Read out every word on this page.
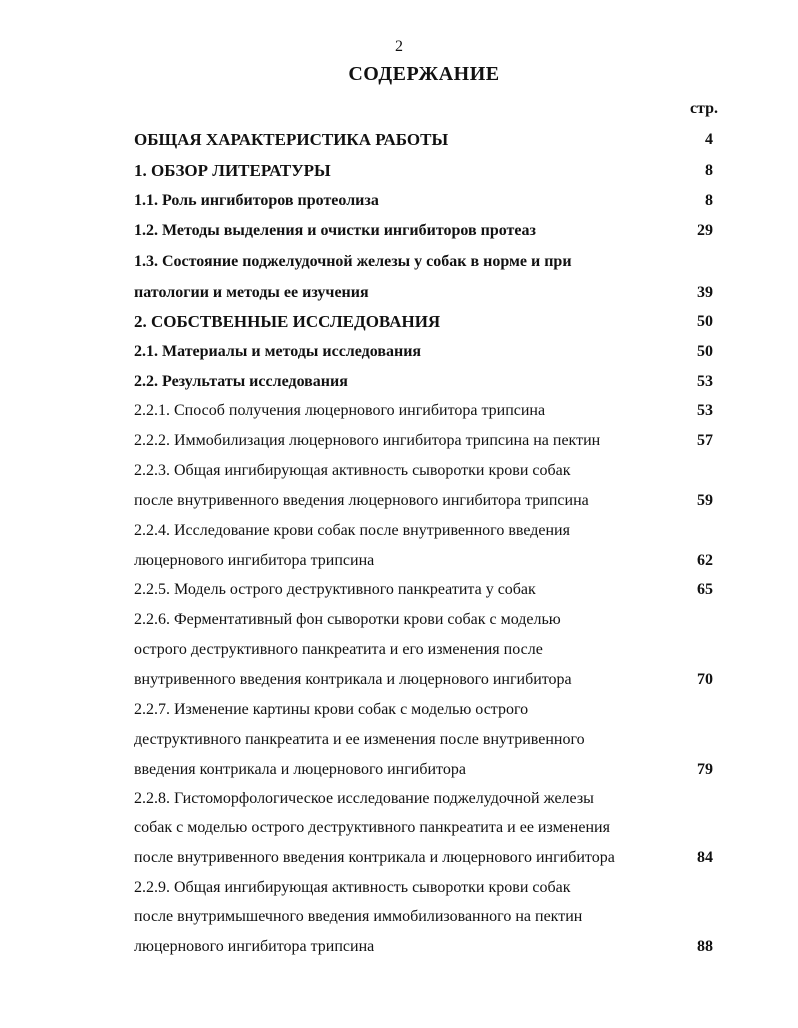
2
СОДЕРЖАНИЕ
стр.
ОБЩАЯ ХАРАКТЕРИСТИКА РАБОТЫ	4
1. ОБЗОР ЛИТЕРАТУРЫ	8
1.1. Роль ингибиторов протеолиза	8
1.2. Методы выделения и очистки ингибиторов протеаз	29
1.3. Состояние поджелудочной железы у собак в норме и при
патологии и методы ее изучения	39
2. СОБСТВЕННЫЕ ИССЛЕДОВАНИЯ	50
2.1. Материалы и методы исследования	50
2.2. Результаты исследования	53
2.2.1. Способ получения люцернового ингибитора трипсина	53
2.2.2. Иммобилизация люцернового ингибитора трипсина на пектин	57
2.2.3. Общая ингибирующая активность сыворотки крови собак
после внутривенного введения люцернового ингибитора трипсина	59
2.2.4. Исследование крови собак после внутривенного введения
люцернового ингибитора трипсина	62
2.2.5. Модель острого деструктивного панкреатита у собак	65
2.2.6. Ферментативный фон сыворотки крови собак с моделью
острого деструктивного панкреатита и его изменения после
внутривенного введения контрикала и люцернового ингибитора	70
2.2.7. Изменение картины крови собак с моделью острого
деструктивного панкреатита и ее изменения после внутривенного
введения контрикала и люцернового ингибитора	79
2.2.8. Гистоморфологическое исследование поджелудочной железы
собак с моделью острого деструктивного панкреатита и ее изменения
после внутривенного введения контрикала и люцернового ингибитора	84
2.2.9. Общая ингибирующая активность сыворотки крови собак
после внутримышечного введения иммобилизованного на пектин
люцернового ингибитора трипсина	88
